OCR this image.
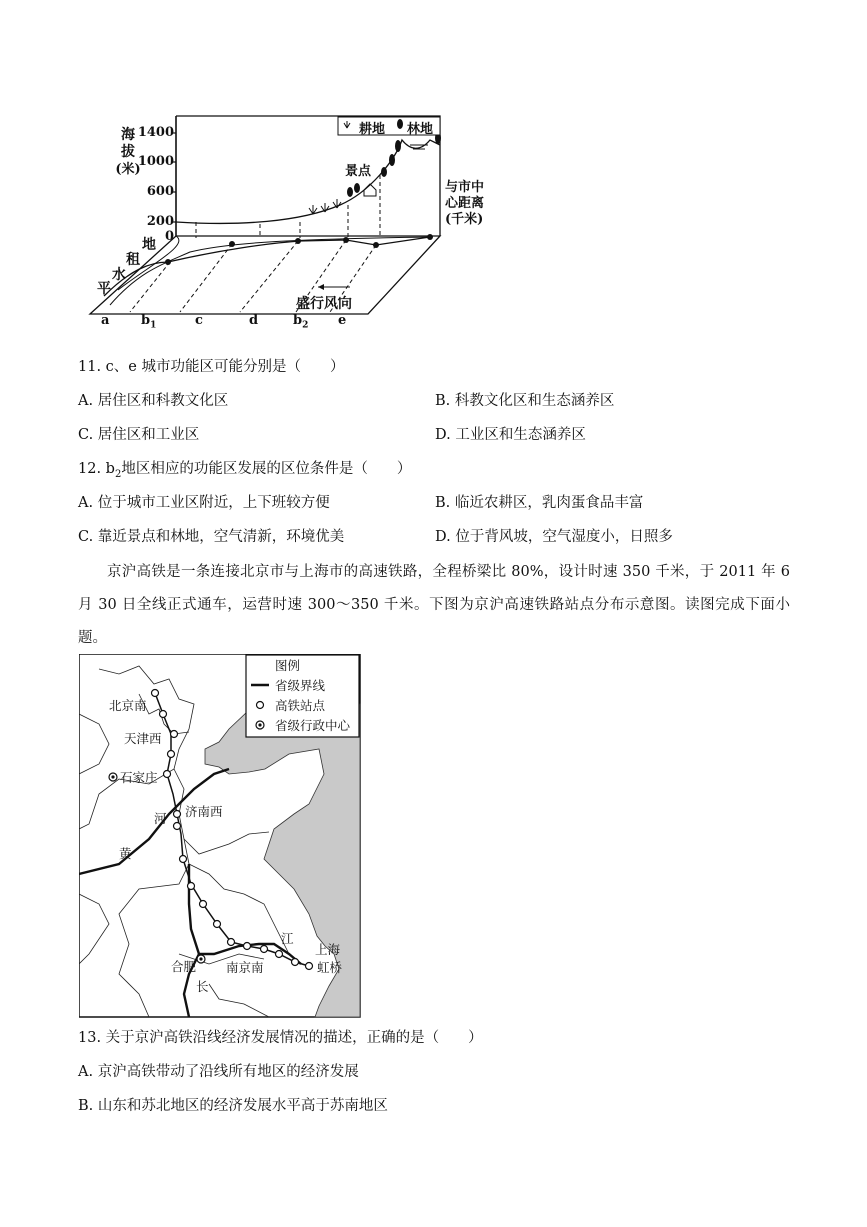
海
拔
(米)
1400
1000
600
200
0
耕地 林地
景点
与市中
心距离
(千米)
地
租
水
平
盛行风向
a $b_1$	c	d	$b_2$ e
11. c、e 城市功能区可能分别是（　　）
A. 居住区和科教文化区	B. 科教文化区和生态涵养区
C. 居住区和工业区	D. 工业区和生态涵养区
12. $b_2$地区相应的功能区发展的区位条件是（　　）
A. 位于城市工业区附近，上下班较方便	B. 临近农耕区，乳肉蛋食品丰富
C. 靠近景点和林地，空气清新，环境优美	D. 位于背风坡，空气湿度小，日照多
京沪高铁是一条连接北京市与上海市的高速铁路，全程桥梁比 80%，设计时速 350 千米，于 2011 年 6 月 30 日全线正式通车，运营时速 300～350 千米。下图为京沪高速铁路站点分布示意图。读图完成下面小题。
图例
省级界线
高铁站点
省级行政中心
北京南
天津西
石家庄
济南西
河
黄
江
上海
虹桥
合肥 南京南
长
13. 关于京沪高铁沿线经济发展情况的描述，正确的是（　　）
A. 京沪高铁带动了沿线所有地区的经济发展
B. 山东和苏北地区的经济发展水平高于苏南地区
